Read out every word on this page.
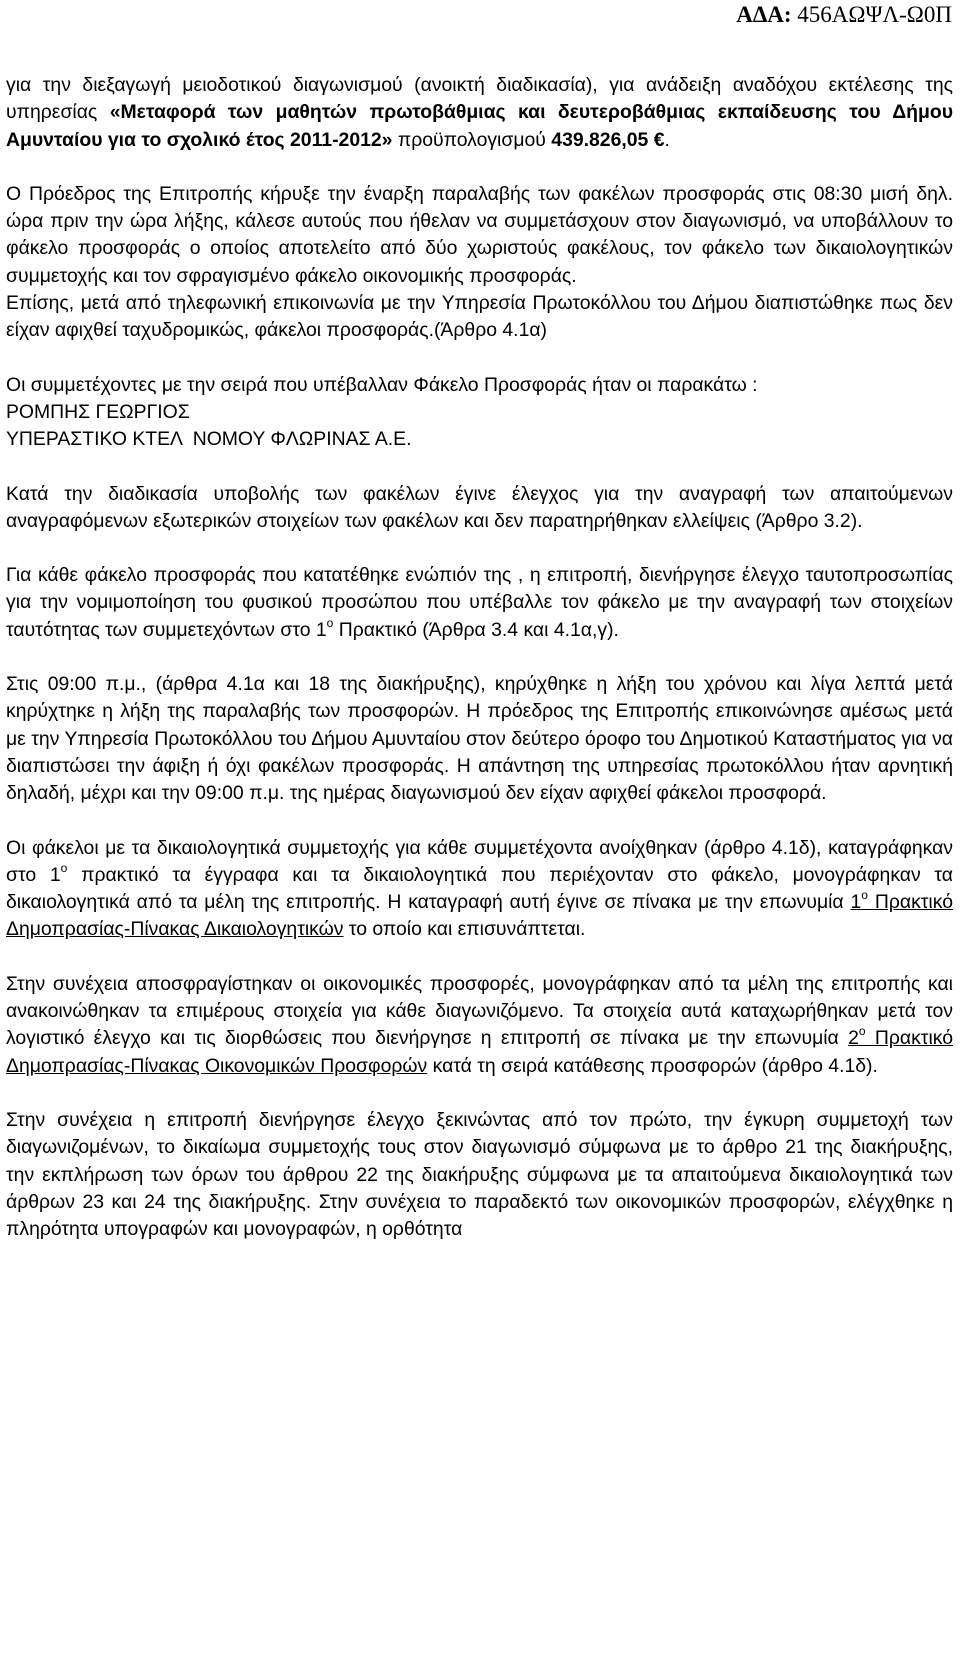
ΑΔΑ: 456ΑΩΨΛ-Ω0Π

για την διεξαγωγή μειοδοτικού διαγωνισμού (ανοικτή διαδικασία), για ανάδειξη αναδόχου εκτέλεσης της υπηρεσίας «Μεταφορά των μαθητών πρωτοβάθμιας και δευτεροβάθμιας εκπαίδευσης του Δήμου Αμυνταίου για το σχολικό έτος 2011-2012» προϋπολογισμού 439.826,05 €.

Ο Πρόεδρος της Επιτροπής κήρυξε την έναρξη παραλαβής των φακέλων προσφοράς στις 08:30 μισή δηλ. ώρα πριν την ώρα λήξης, κάλεσε αυτούς που ήθελαν να συμμετάσχουν στον διαγωνισμό, να υποβάλλουν το φάκελο προσφοράς ο οποίος αποτελείτο από δύο χωριστούς φακέλους, τον φάκελο των δικαιολογητικών συμμετοχής και τον σφραγισμένο φάκελο οικονομικής προσφοράς.

Επίσης, μετά από τηλεφωνική επικοινωνία με την Υπηρεσία Πρωτοκόλλου του Δήμου διαπιστώθηκε πως δεν είχαν αφιχθεί ταχυδρομικώς, φάκελοι προσφοράς.(Άρθρο 4.1α)

Οι συμμετέχοντες με την σειρά που υπέβαλλαν Φάκελο Προσφοράς ήταν οι παρακάτω :

ΡΟΜΠΗΣ ΓΕΩΡΓΙΟΣ

ΥΠΕΡΑΣΤΙΚΟ ΚΤΕΛ  ΝΟΜΟΥ ΦΛΩΡΙΝΑΣ Α.Ε.

Κατά την διαδικασία υποβολής των φακέλων έγινε έλεγχος για την αναγραφή των απαιτούμενων αναγραφόμενων εξωτερικών στοιχείων των φακέλων και δεν παρατηρήθηκαν ελλείψεις (Άρθρο 3.2).

Για κάθε φάκελο προσφοράς που κατατέθηκε ενώπιόν της , η επιτροπή, διενήργησε έλεγχο ταυτοπροσωπίας για την νομιμοποίηση του φυσικού προσώπου που υπέβαλλε τον φάκελο με την αναγραφή των στοιχείων ταυτότητας των συμμετεχόντων στο $1^o$ Πρακτικό (Άρθρα 3.4 και 4.1α,γ).

Στις 09:00 π.μ., (άρθρα 4.1α και 18 της διακήρυξης), κηρύχθηκε η λήξη του χρόνου και λίγα λεπτά μετά κηρύχτηκε η λήξη της παραλαβής των προσφορών. Η πρόεδρος της Επιτροπής επικοινώνησε αμέσως μετά με την Υπηρεσία Πρωτοκόλλου του Δήμου Αμυνταίου στον δεύτερο όροφο του Δημοτικού Καταστήματος για να διαπιστώσει την άφιξη ή όχι φακέλων προσφοράς. Η απάντηση της υπηρεσίας πρωτοκόλλου ήταν αρνητική δηλαδή, μέχρι και την 09:00 π.μ. της ημέρας διαγωνισμού δεν είχαν αφιχθεί φάκελοι προσφορά.

Οι φάκελοι με τα δικαιολογητικά συμμετοχής για κάθε συμμετέχοντα ανοίχθηκαν (άρθρο 4.1δ), καταγράφηκαν στο $1^o$ πρακτικό τα έγγραφα και τα δικαιολογητικά που περιέχονταν στο φάκελο, μονογράφηκαν τα δικαιολογητικά από τα μέλη της επιτροπής. Η καταγραφή αυτή έγινε σε πίνακα με την επωνυμία $1^o$ Πρακτικό Δημοπρασίας-Πίνακας Δικαιολογητικών το οποίο και επισυνάπτεται.

Στην συνέχεια αποσφραγίστηκαν οι οικονομικές προσφορές, μονογράφηκαν από τα μέλη της επιτροπής και ανακοινώθηκαν τα επιμέρους στοιχεία για κάθε διαγωνιζόμενο. Τα στοιχεία αυτά καταχωρήθηκαν μετά τον λογιστικό έλεγχο και τις διορθώσεις που διενήργησε η επιτροπή σε πίνακα με την επωνυμία $2^o$ Πρακτικό Δημοπρασίας-Πίνακας Οικονομικών Προσφορών κατά τη σειρά κατάθεσης προσφορών (άρθρο 4.1δ).

Στην συνέχεια η επιτροπή διενήργησε έλεγχο ξεκινώντας από τον πρώτο, την έγκυρη συμμετοχή των διαγωνιζομένων, το δικαίωμα συμμετοχής τους στον διαγωνισμό σύμφωνα με το άρθρο 21 της διακήρυξης, την εκπλήρωση των όρων του άρθρου 22 της διακήρυξης σύμφωνα με τα απαιτούμενα δικαιολογητικά των άρθρων 23 και 24 της διακήρυξης. Στην συνέχεια το παραδεκτό των οικονομικών προσφορών, ελέγχθηκε η πληρότητα υπογραφών και μονογραφών, η ορθότητα
